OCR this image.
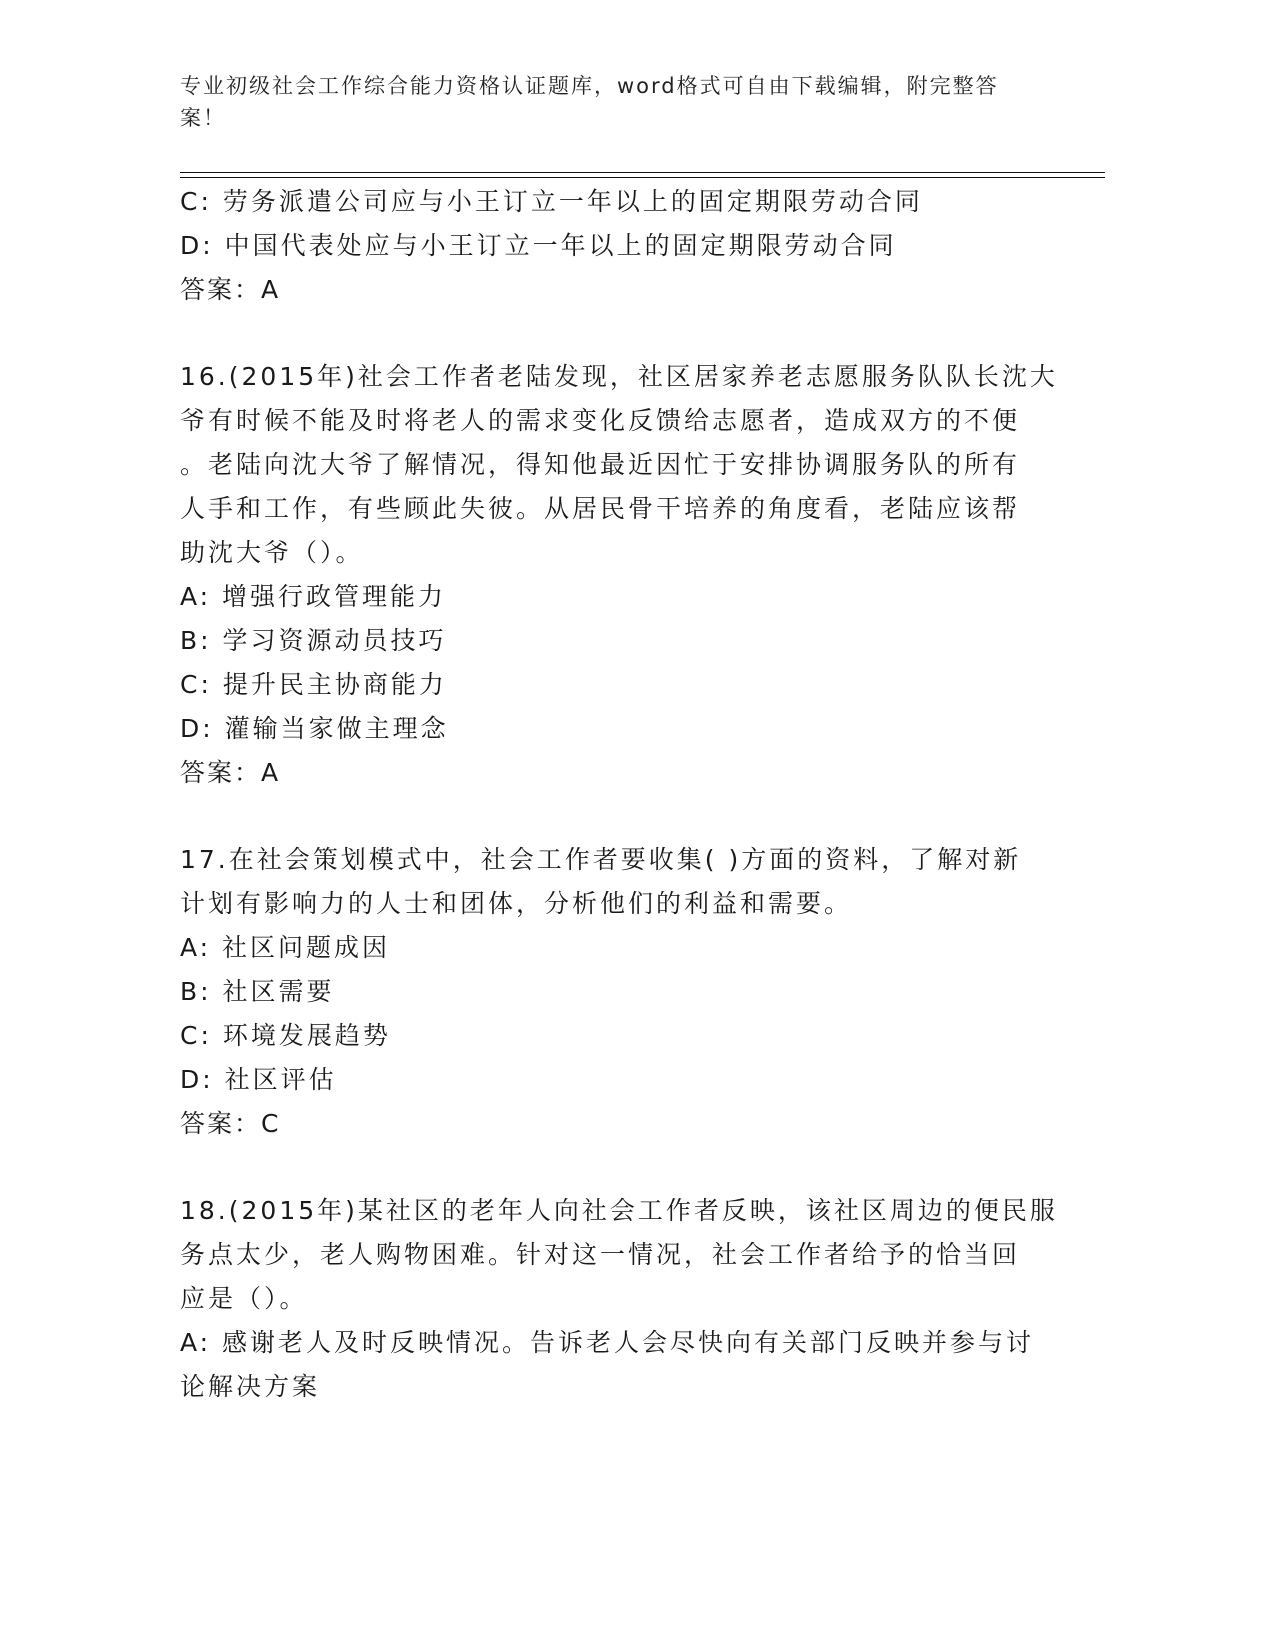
专业初级社会工作综合能力资格认证题库，word格式可自由下载编辑，附完整答案！
C: 劳务派遣公司应与小王订立一年以上的固定期限劳动合同
D: 中国代表处应与小王订立一年以上的固定期限劳动合同
答案：A
16.(2015年)社会工作者老陆发现，社区居家养老志愿服务队队长沈大
爷有时候不能及时将老人的需求变化反馈给志愿者，造成双方的不便
。老陆向沈大爷了解情况，得知他最近因忙于安排协调服务队的所有
人手和工作，有些顾此失彼。从居民骨干培养的角度看，老陆应该帮
助沈大爷（）。
A: 增强行政管理能力
B: 学习资源动员技巧
C: 提升民主协商能力
D: 灌输当家做主理念
答案：A
17.在社会策划模式中，社会工作者要收集( )方面的资料，了解对新
计划有影响力的人士和团体，分析他们的利益和需要。
A: 社区问题成因
B: 社区需要
C: 环境发展趋势
D: 社区评估
答案：C
18.(2015年)某社区的老年人向社会工作者反映，该社区周边的便民服
务点太少，老人购物困难。针对这一情况，社会工作者给予的恰当回
应是（）。
A: 感谢老人及时反映情况。告诉老人会尽快向有关部门反映并参与讨
论解决方案
